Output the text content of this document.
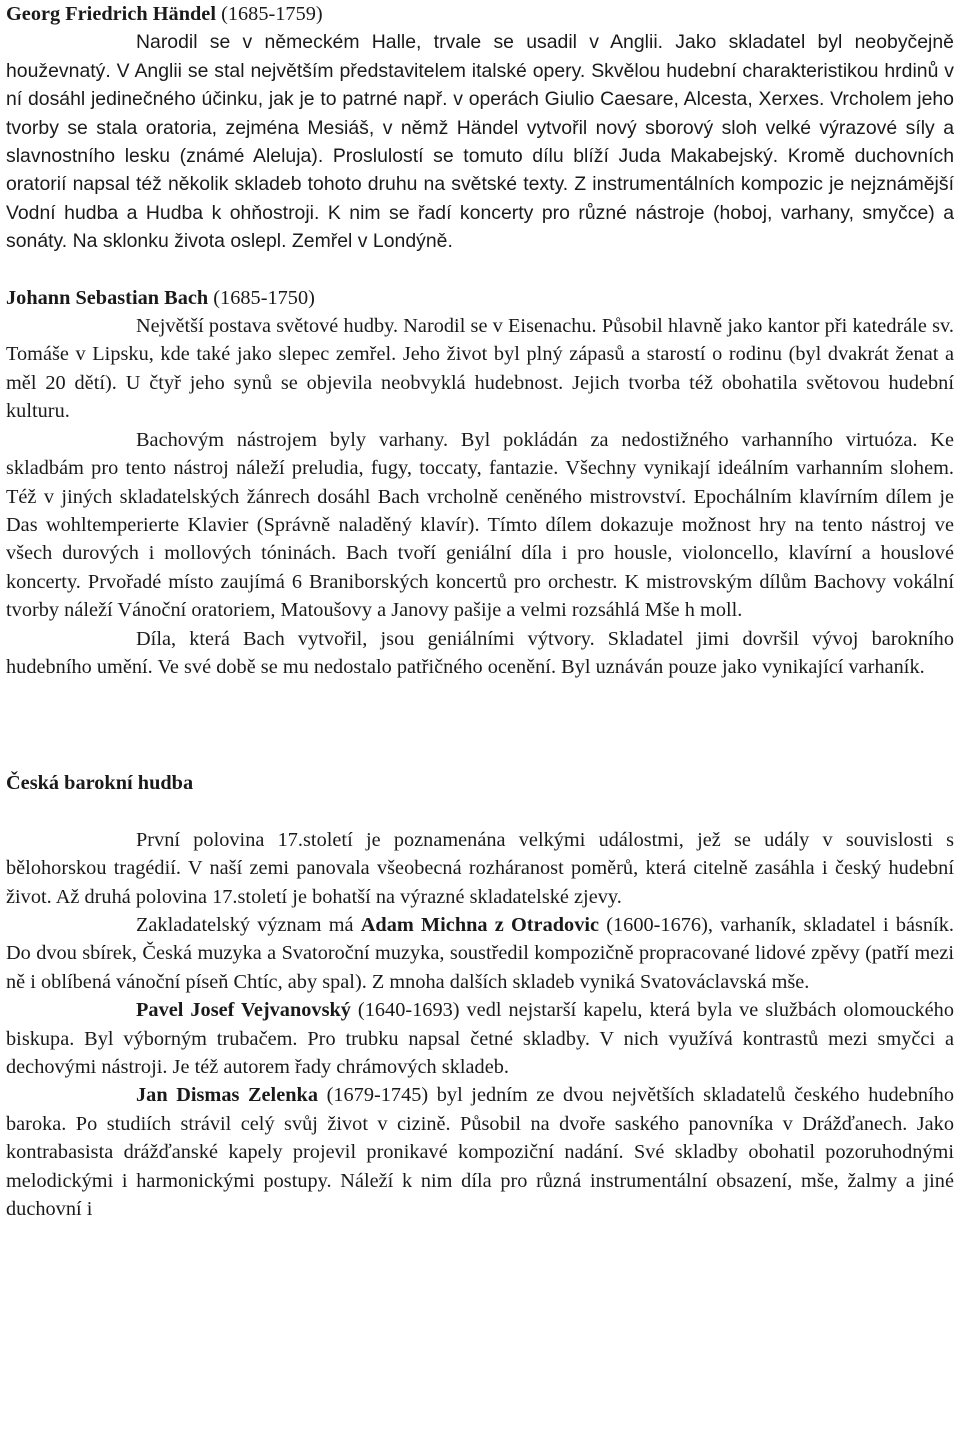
Georg Friedrich Händel (1685-1759)

Narodil se v německém Halle, trvale se usadil v Anglii. Jako skladatel byl neobyčejně houževnatý. V Anglii se stal největším představitelem italské opery. Skvělou hudební charakteristikou hrdinů v ní dosáhl jedinečného účinku, jak je to patrné např. v operách Giulio Caesare, Alcesta, Xerxes. Vrcholem jeho tvorby se stala oratoria, zejména Mesiáš, v němž Händel vytvořil nový sborový sloh velké výrazové síly a slavnostního lesku (známé Aleluja). Proslulostí se tomuto dílu blíží Juda Makabejský. Kromě duchovních oratorií napsal též několik skladeb tohoto druhu na světské texty. Z instrumentálních kompozic je nejznámější Vodní hudba a Hudba k ohňostroji. K nim se řadí koncerty pro různé nástroje (hoboj, varhany, smyčce) a sonáty. Na sklonku života oslepl. Zemřel v Londýně.

Johann Sebastian Bach (1685-1750)

Největší postava světové hudby. Narodil se v Eisenachu. Působil hlavně jako kantor při katedrále sv. Tomáše v Lipsku, kde také jako slepec zemřel. Jeho život byl plný zápasů a starostí o rodinu (byl dvakrát ženat a měl 20 dětí). U čtyř jeho synů se objevila neobvyklá hudebnost. Jejich tvorba též obohatila světovou hudební kulturu.

Bachovým nástrojem byly varhany. Byl pokládán za nedostižného varhanního virtuóza. Ke skladbám pro tento nástroj náleží preludia, fugy, toccaty, fantazie. Všechny vynikají ideálním varhanním slohem. Též v jiných skladatelských žánrech dosáhl Bach vrcholně ceněného mistrovství. Epochálním klavírním dílem je Das wohltemperierte Klavier (Správně naladěný klavír). Tímto dílem dokazuje možnost hry na tento nástroj ve všech durových i mollových tóninách. Bach tvoří geniální díla i pro housle, violoncello, klavírní a houslové koncerty. Prvořadé místo zaujímá 6 Braniborských koncertů pro orchestr. K mistrovským dílům Bachovy vokální tvorby náleží Vánoční oratoriem, Matoušovy a Janovy pašije a velmi rozsáhlá Mše h moll.

Díla, která Bach vytvořil, jsou geniálními výtvory. Skladatel jimi dovršil vývoj barokního hudebního umění. Ve své době se mu nedostalo patřičného ocenění. Byl uznáván pouze jako vynikající varhaník.

Česká barokní hudba

První polovina 17.století je poznamenána velkými událostmi, jež se udály v souvislosti s bělohorskou tragédií. V naší zemi panovala všeobecná rozháranost poměrů, která citelně zasáhla i český hudební život. Až druhá polovina 17.století je bohatší na výrazné skladatelské zjevy.

Zakladatelský význam má Adam Michna z Otradovic (1600-1676), varhaník, skladatel i básník. Do dvou sbírek, Česká muzyka a Svatoroční muzyka, soustředil kompozičně propracované lidové zpěvy (patří mezi ně i oblíbená vánoční píseň Chtíc, aby spal). Z mnoha dalších skladeb vyniká Svatováclavská mše.

Pavel Josef Vejvanovský (1640-1693) vedl nejstarší kapelu, která byla ve službách olomouckého biskupa. Byl výborným trubačem. Pro trubku napsal četné skladby. V nich využívá kontrastů mezi smyčci a dechovými nástroji. Je též autorem řady chrámových skladeb.

Jan Dismas Zelenka (1679-1745) byl jedním ze dvou největších skladatelů českého hudebního baroka. Po studiích strávil celý svůj život v cizině. Působil na dvoře saského panovníka v Drážďanech. Jako kontrabasista drážďanské kapely projevil pronikavé kompoziční nadání. Své skladby obohatil pozoruhodnými melodickými i harmonickými postupy. Náleží k nim díla pro různá instrumentální obsazení, mše, žalmy a jiné duchovní i
